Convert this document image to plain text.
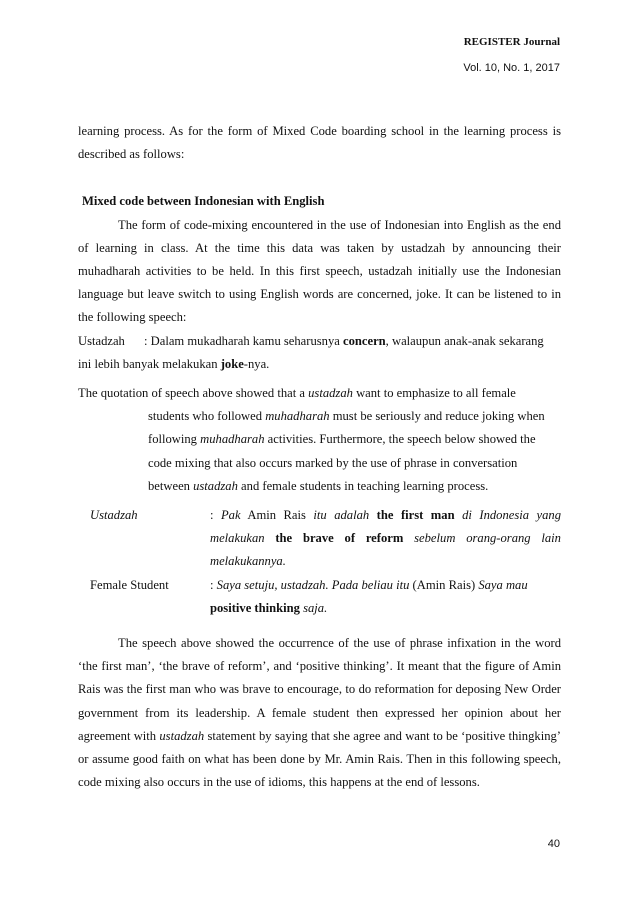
REGISTER Journal
Vol. 10, No. 1, 2017

learning process. As for the form of Mixed Code boarding school in the learning process is described as follows:

Mixed code between Indonesian with English

The form of code-mixing encountered in the use of Indonesian into English as the end of learning in class. At the time this data was taken by ustadzah by announcing their muhadharah activities to be held. In this first speech, ustadzah initially use the Indonesian language but leave switch to using English words are concerned, joke. It can be listened to in the following speech:

Ustadzah	: Dalam mukadharah kamu seharusnya concern, walaupun anak-anak sekarang
ini lebih banyak melakukan joke-nya.

The quotation of speech above showed that a ustadzah want to emphasize to all female

students who followed muhadharah must be seriously and reduce joking when

following muhadharah activities. Furthermore, the speech below showed the

code mixing that also occurs marked by the use of phrase in conversation

between ustadzah and female students in teaching learning process.

Ustadzah	: Pak Amin Rais itu adalah the first man di Indonesia yang melakukan the brave of reform sebelum orang-orang lain melakukannya.
Female Student	: Saya setuju, ustadzah. Pada beliau itu (Amin Rais) Saya mau
positive thinking saja.

The speech above showed the occurrence of the use of phrase infixation in the word ‘the first man’, ‘the brave of reform’, and ‘positive thinking’. It meant that the figure of Amin Rais was the first man who was brave to encourage, to do reformation for deposing New Order government from its leadership. A female student then expressed her opinion about her agreement with ustadzah statement by saying that she agree and want to be ‘positive thingking’ or assume good faith on what has been done by Mr. Amin Rais. Then in this following speech, code mixing also occurs in the use of idioms, this happens at the end of lessons.

40
